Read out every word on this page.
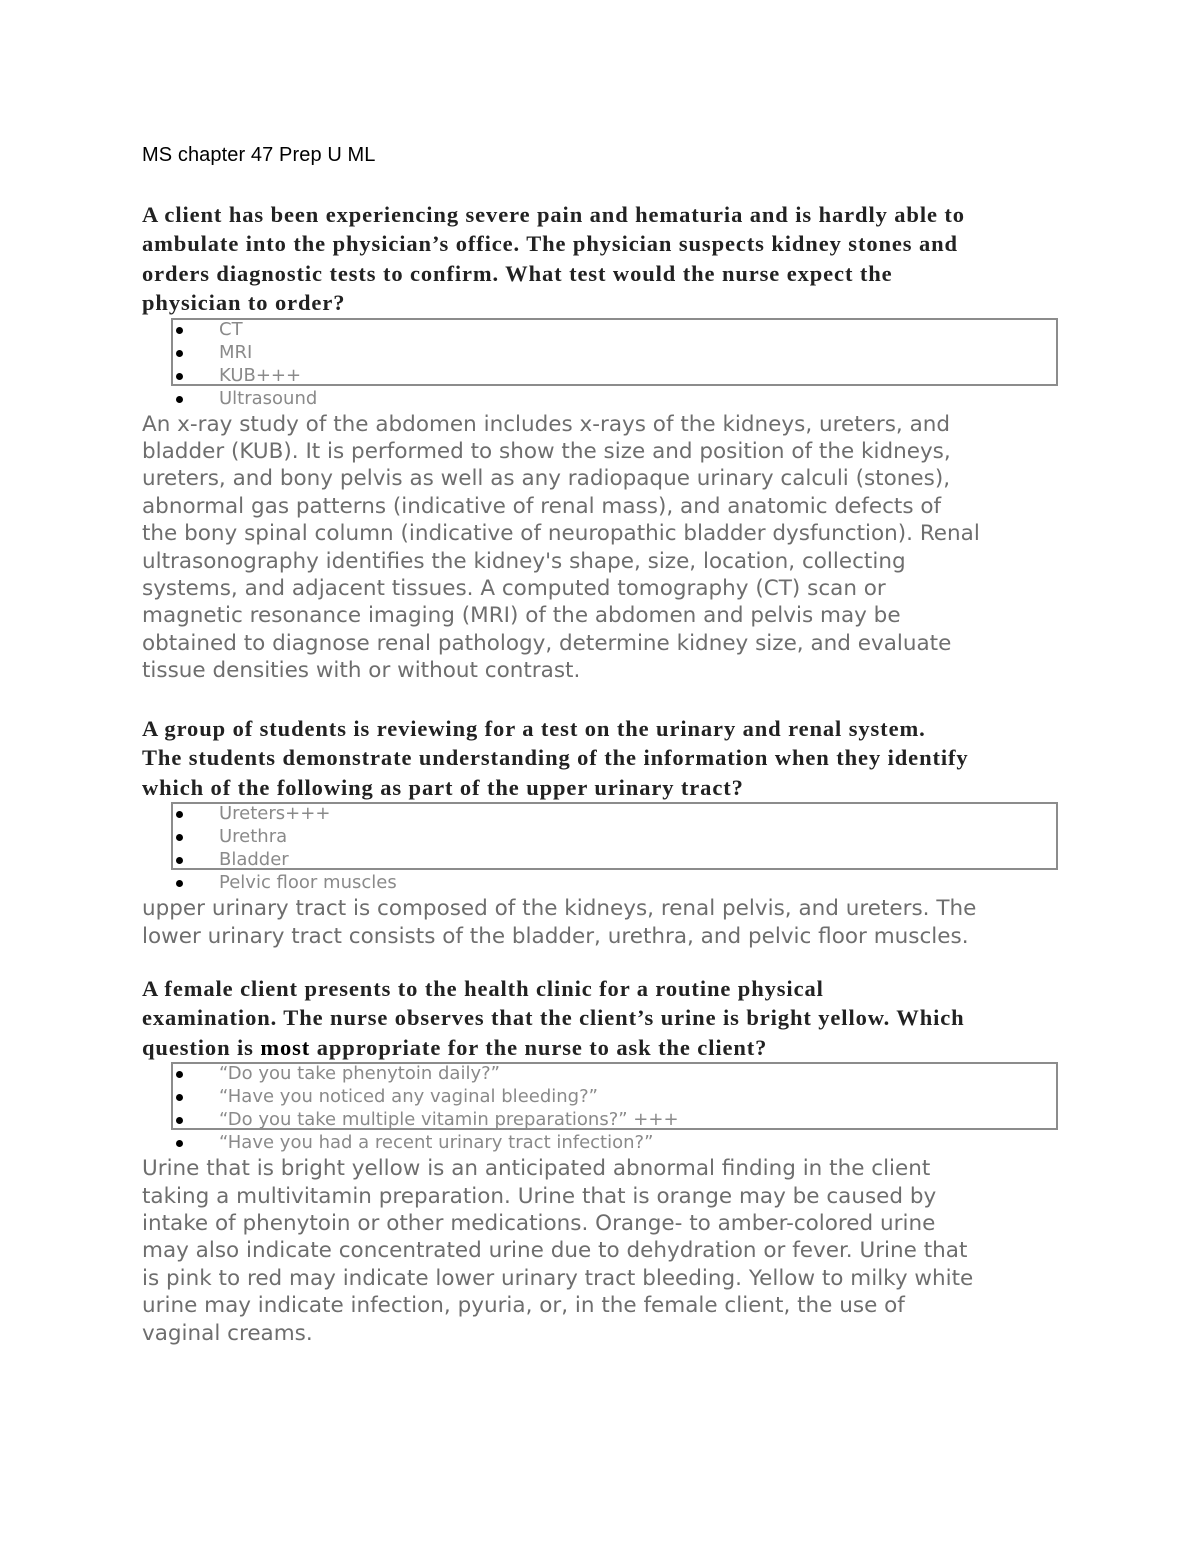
MS chapter 47 Prep U ML

A client has been experiencing severe pain and hematuria and is hardly able to
ambulate into the physician’s office. The physician suspects kidney stones and
orders diagnostic tests to confirm. What test would the nurse expect the
physician to order?

CT
MRI
KUB+++
Ultrasound

An x-ray study of the abdomen includes x-rays of the kidneys, ureters, and
bladder (KUB). It is performed to show the size and position of the kidneys,
ureters, and bony pelvis as well as any radiopaque urinary calculi (stones),
abnormal gas patterns (indicative of renal mass), and anatomic defects of
the bony spinal column (indicative of neuropathic bladder dysfunction). Renal
ultrasonography identifies the kidney's shape, size, location, collecting
systems, and adjacent tissues. A computed tomography (CT) scan or
magnetic resonance imaging (MRI) of the abdomen and pelvis may be
obtained to diagnose renal pathology, determine kidney size, and evaluate
tissue densities with or without contrast.

A group of students is reviewing for a test on the urinary and renal system.
The students demonstrate understanding of the information when they identify
which of the following as part of the upper urinary tract?

Ureters+++
Urethra
Bladder
Pelvic floor muscles

upper urinary tract is composed of the kidneys, renal pelvis, and ureters. The
lower urinary tract consists of the bladder, urethra, and pelvic floor muscles.

A female client presents to the health clinic for a routine physical
examination. The nurse observes that the client’s urine is bright yellow. Which
question is most appropriate for the nurse to ask the client?

“Do you take phenytoin daily?”
“Have you noticed any vaginal bleeding?”
“Do you take multiple vitamin preparations?” +++
“Have you had a recent urinary tract infection?”

Urine that is bright yellow is an anticipated abnormal finding in the client
taking a multivitamin preparation. Urine that is orange may be caused by
intake of phenytoin or other medications. Orange- to amber-colored urine
may also indicate concentrated urine due to dehydration or fever. Urine that
is pink to red may indicate lower urinary tract bleeding. Yellow to milky white
urine may indicate infection, pyuria, or, in the female client, the use of
vaginal creams.
